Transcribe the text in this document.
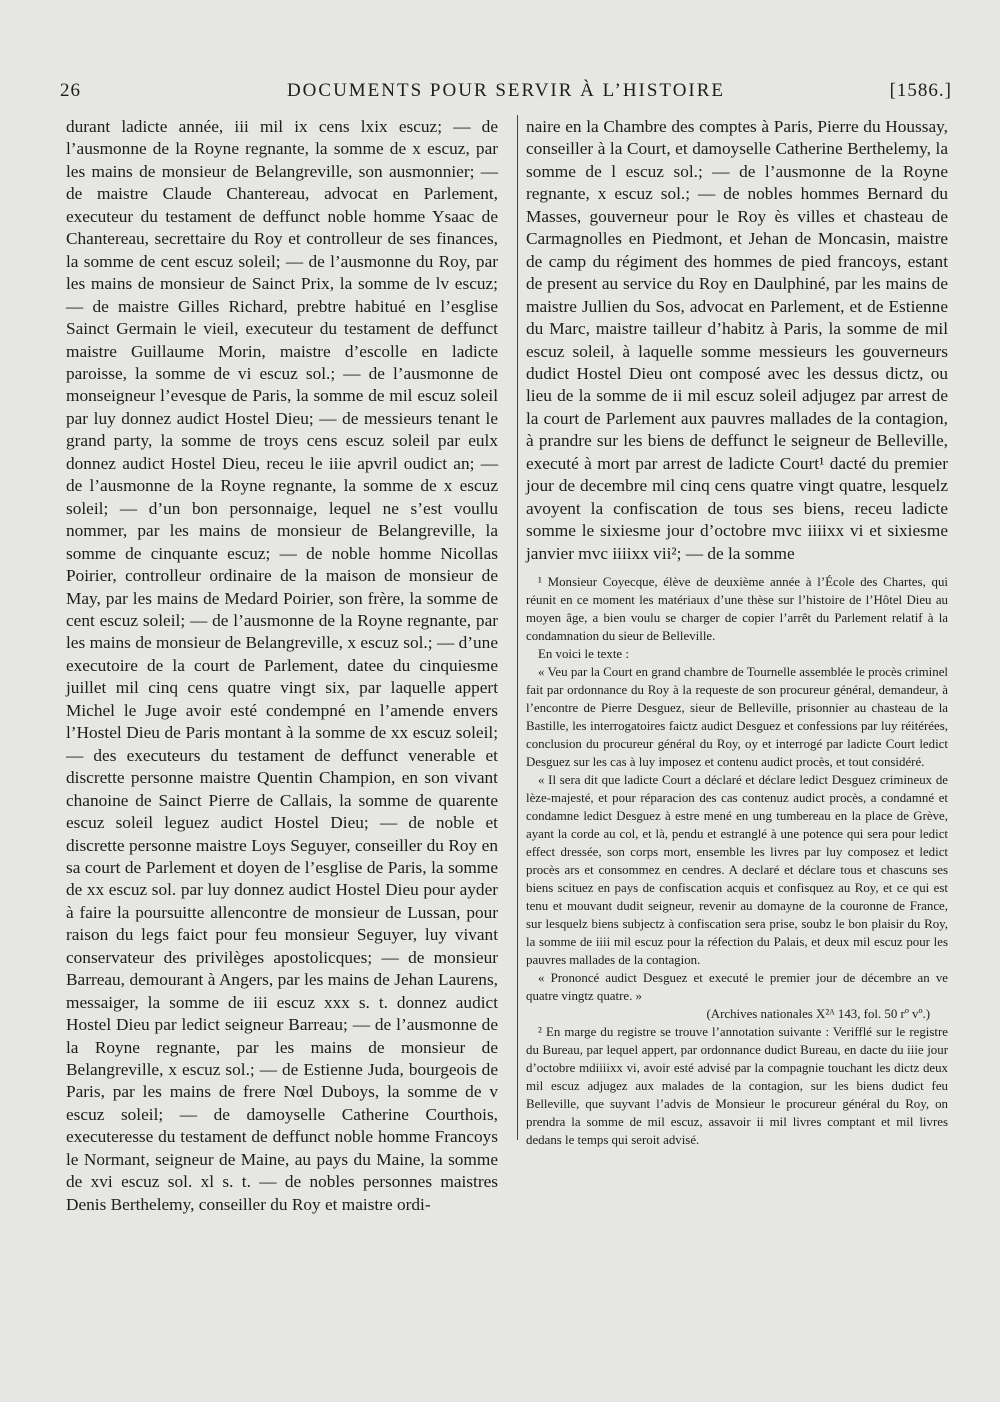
26	DOCUMENTS POUR SERVIR À L’HISTOIRE	[1586.]

durant ladicte année, iii mil ix cens lxix escuz; — de l’ausmonne de la Royne regnante, la somme de x escuz, par les mains de monsieur de Belangreville, son ausmonnier; — de maistre Claude Chantereau, advocat en Parlement, executeur du testament de deffunct noble homme Ysaac de Chantereau, secrettaire du Roy et controlleur de ses finances, la somme de cent escuz soleil; — de l’ausmonne du Roy, par les mains de monsieur de Sainct Prix, la somme de lv escuz; — de maistre Gilles Richard, prebtre habitué en l’esglise Sainct Germain le vieil, executeur du testament de deffunct maistre Guillaume Morin, maistre d’escolle en ladicte paroisse, la somme de vi escuz sol.; — de l’ausmonne de monseigneur l’evesque de Paris, la somme de mil escuz soleil par luy donnez audict Hostel Dieu; — de messieurs tenant le grand party, la somme de troys cens escuz soleil par eulx donnez audict Hostel Dieu, receu le iiie apvril oudict an; — de l’ausmonne de la Royne regnante, la somme de x escuz soleil; — d’un bon personnaige, lequel ne s’est voullu nommer, par les mains de monsieur de Belangreville, la somme de cinquante escuz; — de noble homme Nicollas Poirier, controlleur ordinaire de la maison de monsieur de May, par les mains de Medard Poirier, son frère, la somme de cent escuz soleil; — de l’ausmonne de la Royne regnante, par les mains de monsieur de Belangreville, x escuz sol.; — d’une executoire de la court de Parlement, datee du cinquiesme juillet mil cinq cens quatre vingt six, par laquelle appert Michel le Juge avoir esté condempné en l’amende envers l’Hostel Dieu de Paris montant à la somme de xx escuz soleil; — des executeurs du testament de deffunct venerable et discrette personne maistre Quentin Champion, en son vivant chanoine de Sainct Pierre de Callais, la somme de quarente escuz soleil leguez audict Hostel Dieu; — de noble et discrette personne maistre Loys Seguyer, conseiller du Roy en sa court de Parlement et doyen de l’esglise de Paris, la somme de xx escuz sol. par luy donnez audict Hostel Dieu pour ayder à faire la poursuitte allencontre de monsieur de Lussan, pour raison du legs faict pour feu monsieur Seguyer, luy vivant conservateur des privilèges apostolicques; — de monsieur Barreau, demourant à Angers, par les mains de Jehan Laurens, messaiger, la somme de iii escuz xxx s. t. donnez audict Hostel Dieu par ledict seigneur Barreau; — de l’ausmonne de la Royne regnante, par les mains de monsieur de Belangreville, x escuz sol.; — de Estienne Juda, bourgeois de Paris, par les mains de frere Nœl Duboys, la somme de v escuz soleil; — de damoyselle Catherine Courthois, executeresse du testament de deffunct noble homme Francoys le Normant, seigneur de Maine, au pays du Maine, la somme de xvi escuz sol. xl s. t. — de nobles personnes maistres Denis Berthelemy, conseiller du Roy et maistre ordi-

naire en la Chambre des comptes à Paris, Pierre du Houssay, conseiller à la Court, et damoyselle Catherine Berthelemy, la somme de l escuz sol.; — de l’ausmonne de la Royne regnante, x escuz sol.; — de nobles hommes Bernard du Masses, gouverneur pour le Roy ès villes et chasteau de Carmagnolles en Piedmont, et Jehan de Moncasin, maistre de camp du régiment des hommes de pied francoys, estant de present au service du Roy en Daulphiné, par les mains de maistre Jullien du Sos, advocat en Parlement, et de Estienne du Marc, maistre tailleur d’habitz à Paris, la somme de mil escuz soleil, à laquelle somme messieurs les gouverneurs dudict Hostel Dieu ont composé avec les dessus dictz, ou lieu de la somme de ii mil escuz soleil adjugez par arrest de la court de Parlement aux pauvres mallades de la contagion, à prandre sur les biens de deffunct le seigneur de Belleville, executé à mort par arrest de ladicte Court¹ dacté du premier jour de decembre mil cinq cens quatre vingt quatre, lesquelz avoyent la confiscation de tous ses biens, receu ladicte somme le sixiesme jour d’octobre mvc iiiixx vi et sixiesme janvier mvc iiiixx vii²; — de la somme

¹ Monsieur Coyecque, élève de deuxième année à l’École des Chartes, qui réunit en ce moment les matériaux d’une thèse sur l’histoire de l’Hôtel Dieu au moyen âge, a bien voulu se charger de copier l’arrêt du Parlement relatif à la condamnation du sieur de Belleville.

En voici le texte :

« Veu par la Court en grand chambre de Tournelle assemblée le procès criminel fait par ordonnance du Roy à la requeste de son procureur général, demandeur, à l’encontre de Pierre Desguez, sieur de Belleville, prisonnier au chasteau de la Bastille, les interrogatoires faictz audict Desguez et confessions par luy réitérées, conclusion du procureur général du Roy, oy et interrogé par ladicte Court ledict Desguez sur les cas à luy imposez et contenu audict procès, et tout considéré.

« Il sera dit que ladicte Court a déclaré et déclare ledict Desguez crimineux de lèze-majesté, et pour réparacion des cas contenuz audict procès, a condamné et condamne ledict Desguez à estre mené en ung tumbereau en la place de Grève, ayant la corde au col, et là, pendu et estranglé à une potence qui sera pour ledict effect dressée, son corps mort, ensemble les livres par luy composez et ledict procès ars et consommez en cendres. A declaré et déclare tous et chascuns ses biens scituez en pays de confiscation acquis et confisquez au Roy, et ce qui est tenu et mouvant dudit seigneur, revenir au domayne de la couronne de France, sur lesquelz biens subjectz à confiscation sera prise, soubz le bon plaisir du Roy, la somme de iiii mil escuz pour la réfection du Palais, et deux mil escuz pour les pauvres mallades de la contagion.

« Prononcé audict Desguez et executé le premier jour de décembre an ve quatre vingtz quatre. »

(Archives nationales X²ᴬ 143, fol. 50 rº vº.)

² En marge du registre se trouve l’annotation suivante : Verifflé sur le registre du Bureau, par lequel appert, par ordonnance dudict Bureau, en dacte du iiie jour d’octobre mdiiiixx vi, avoir esté advisé par la compagnie touchant les dictz deux mil escuz adjugez aux malades de la contagion, sur les biens dudict feu Belleville, que suyvant l’advis de Monsieur le procureur général du Roy, on prendra la somme de mil escuz, assavoir ii mil livres comptant et mil livres dedans le temps qui seroit advisé.
